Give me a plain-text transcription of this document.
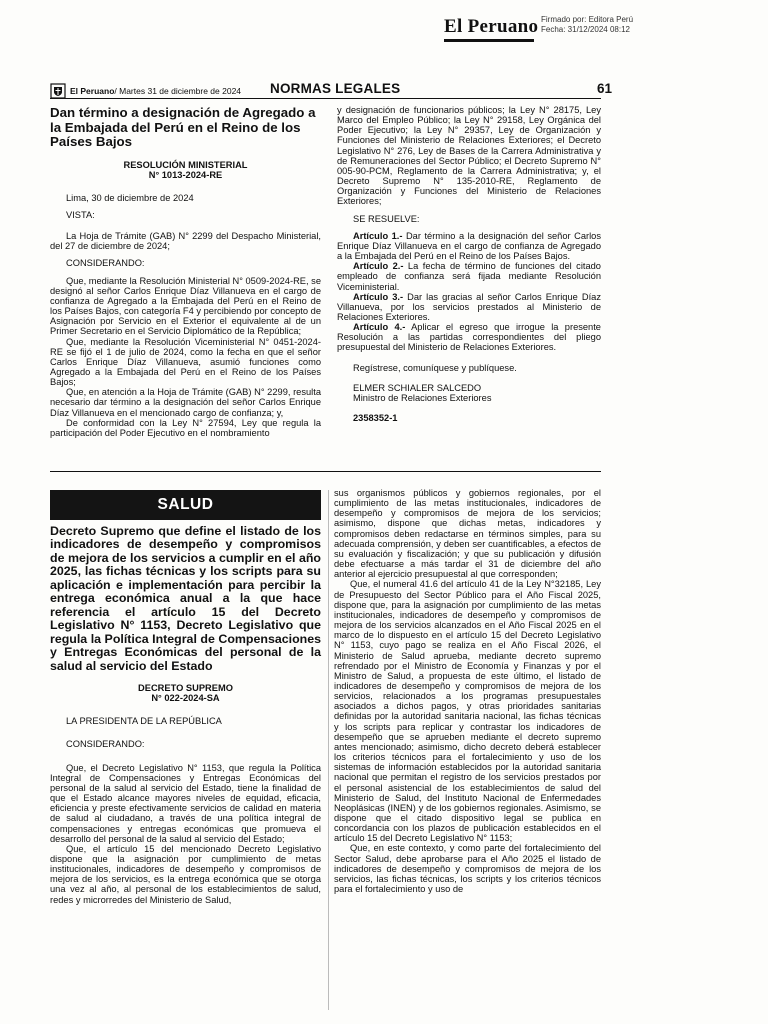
El Peruano Firmado por: Editora Perú
Fecha: 31/12/2024 08:12
El Peruano / Martes 31 de diciembre de 2024 NORMAS LEGALES	61

Dan término a designación de Agregado a la Embajada del Perú en el Reino de los Países Bajos

RESOLUCIÓN MINISTERIAL

N° 1013-2024-RE

Lima, 30 de diciembre de 2024

VISTA:

La Hoja de Trámite (GAB) N° 2299 del Despacho Ministerial, del 27 de diciembre de 2024;

CONSIDERANDO:

Que, mediante la Resolución Ministerial N° 0509-2024-RE, se designó al señor Carlos Enrique Díaz Villanueva en el cargo de confianza de Agregado a la Embajada del Perú en el Reino de los Países Bajos, con categoría F4 y percibiendo por concepto de Asignación por Servicio en el Exterior el equivalente al de un Primer Secretario en el Servicio Diplomático de la República;

Que, mediante la Resolución Viceministerial N° 0451-2024-RE se fijó el 1 de julio de 2024, como la fecha en que el señor Carlos Enrique Díaz Villanueva, asumió funciones como Agregado a la Embajada del Perú en el Reino de los Países Bajos;

Que, en atención a la Hoja de Trámite (GAB) N° 2299, resulta necesario dar término a la designación del señor Carlos Enrique Díaz Villanueva en el mencionado cargo de confianza; y,

De conformidad con la Ley N° 27594, Ley que regula la participación del Poder Ejecutivo en el nombramiento

y designación de funcionarios públicos; la Ley N° 28175, Ley Marco del Empleo Público; la Ley N° 29158, Ley Orgánica del Poder Ejecutivo; la Ley N° 29357, Ley de Organización y Funciones del Ministerio de Relaciones Exteriores; el Decreto Legislativo N° 276, Ley de Bases de la Carrera Administrativa y de Remuneraciones del Sector Público; el Decreto Supremo N° 005-90-PCM, Reglamento de la Carrera Administrativa; y, el Decreto Supremo N° 135-2010-RE, Reglamento de Organización y Funciones del Ministerio de Relaciones Exteriores;

SE RESUELVE:

Artículo 1.- Dar término a la designación del señor Carlos Enrique Díaz Villanueva en el cargo de confianza de Agregado a la Embajada del Perú en el Reino de los Países Bajos.

Artículo 2.- La fecha de término de funciones del citado empleado de confianza será fijada mediante Resolución Viceministerial.

Artículo 3.- Dar las gracias al señor Carlos Enrique Díaz Villanueva, por los servicios prestados al Ministerio de Relaciones Exteriores.

Artículo 4.- Aplicar el egreso que irrogue la presente Resolución a las partidas correspondientes del pliego presupuestal del Ministerio de Relaciones Exteriores.

Regístrese, comuníquese y publíquese.

ELMER SCHIALER SALCEDO

Ministro de Relaciones Exteriores

2358352-1

SALUD

Decreto Supremo que define el listado de los indicadores de desempeño y compromisos de mejora de los servicios a cumplir en el año 2025, las fichas técnicas y los scripts para su aplicación e implementación para percibir la entrega económica anual a la que hace referencia el artículo 15 del Decreto Legislativo N° 1153, Decreto Legislativo que regula la Política Integral de Compensaciones y Entregas Económicas del personal de la salud al servicio del Estado

DECRETO SUPREMO

N° 022-2024-SA

LA PRESIDENTA DE LA REPÚBLICA

CONSIDERANDO:

Que, el Decreto Legislativo N° 1153, que regula la Política Integral de Compensaciones y Entregas Económicas del personal de la salud al servicio del Estado, tiene la finalidad de que el Estado alcance mayores niveles de equidad, eficacia, eficiencia y preste efectivamente servicios de calidad en materia de salud al ciudadano, a través de una política integral de compensaciones y entregas económicas que promueva el desarrollo del personal de la salud al servicio del Estado;

Que, el artículo 15 del mencionado Decreto Legislativo dispone que la asignación por cumplimiento de metas institucionales, indicadores de desempeño y compromisos de mejora de los servicios, es la entrega económica que se otorga una vez al año, al personal de los establecimientos de salud, redes y microrredes del Ministerio de Salud,

sus organismos públicos y gobiernos regionales, por el cumplimiento de las metas institucionales, indicadores de desempeño y compromisos de mejora de los servicios; asimismo, dispone que dichas metas, indicadores y compromisos deben redactarse en términos simples, para su adecuada comprensión, y deben ser cuantificables, a efectos de su evaluación y fiscalización; y que su publicación y difusión debe efectuarse a más tardar el 31 de diciembre del año anterior al ejercicio presupuestal al que corresponden;

Que, el numeral 41.6 del artículo 41 de la Ley N°32185, Ley de Presupuesto del Sector Público para el Año Fiscal 2025, dispone que, para la asignación por cumplimiento de las metas institucionales, indicadores de desempeño y compromisos de mejora de los servicios alcanzados en el Año Fiscal 2025 en el marco de lo dispuesto en el artículo 15 del Decreto Legislativo N° 1153, cuyo pago se realiza en el Año Fiscal 2026, el Ministerio de Salud aprueba, mediante decreto supremo refrendado por el Ministro de Economía y Finanzas y por el Ministro de Salud, a propuesta de este último, el listado de indicadores de desempeño y compromisos de mejora de los servicios, relacionados a los programas presupuestales asociados a dichos pagos, y otras prioridades sanitarias definidas por la autoridad sanitaria nacional, las fichas técnicas y los scripts para replicar y contrastar los indicadores de desempeño que se aprueben mediante el decreto supremo antes mencionado; asimismo, dicho decreto deberá establecer los criterios técnicos para el fortalecimiento y uso de los sistemas de información establecidos por la autoridad sanitaria nacional que permitan el registro de los servicios prestados por el personal asistencial de los establecimientos de salud del Ministerio de Salud, del Instituto Nacional de Enfermedades Neoplásicas (INEN) y de los gobiernos regionales. Asimismo, se dispone que el citado dispositivo legal se publica en concordancia con los plazos de publicación establecidos en el artículo 15 del Decreto Legislativo N° 1153;

Que, en este contexto, y como parte del fortalecimiento del Sector Salud, debe aprobarse para el Año 2025 el listado de indicadores de desempeño y compromisos de mejora de los servicios, las fichas técnicas, los scripts y los criterios técnicos para el fortalecimiento y uso de
